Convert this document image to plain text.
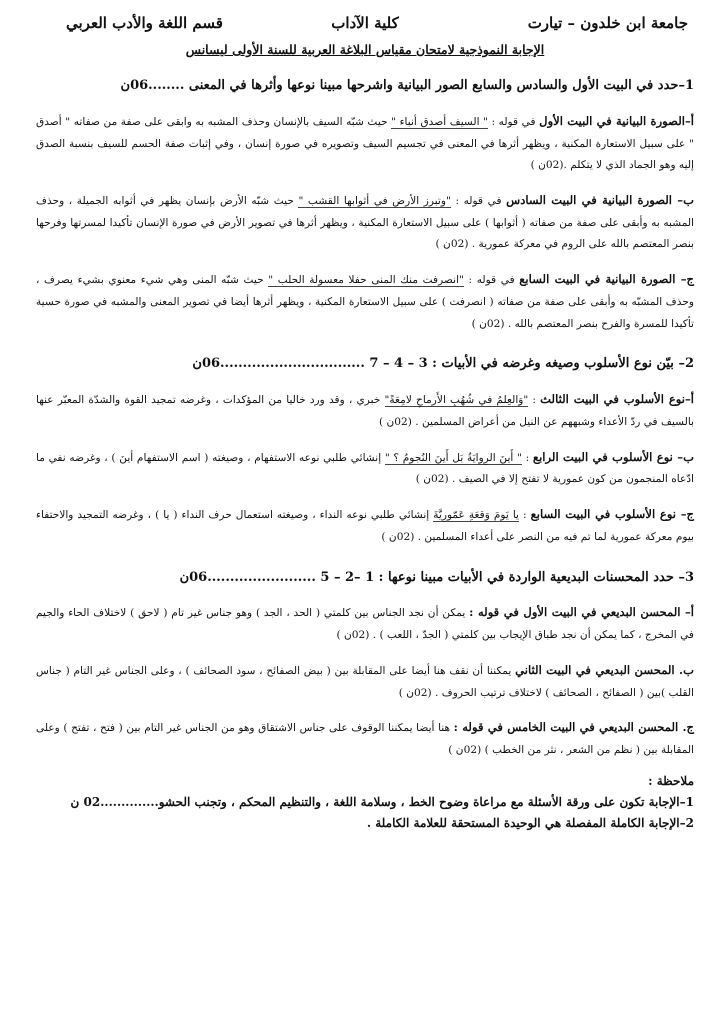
جامعة ابن خلدون – تيارت
كلية الآداب
قسم اللغة والأدب العربي
الإجابة النموذجية لامتحان مقياس البلاغة العربية للسنة الأولى ليسانس

1–حدد في البيت الأول والسادس والسابع الصور البيانية واشرحها مبينا نوعها وأثرها في المعنى ........06ن

أ–الصورة البيانية في البيت الأول في قوله : " السيف أصدق أنباء " حيث شبّه السيف بالإنسان وحذف المشبه به وابقى على صفة من صفاته " أصدق " على سبيل الاستعارة المكنية ، ويظهر أثرها في المعنى في تجسيم السيف وتصويره في صورة إنسان ، وفي إثبات صفة الحسم للسيف بنسبة الصدق إليه وهو الجماد الذي لا يتكلم .(02ن )

ب– الصورة البيانية في البيت السادس في قوله : "وتبرز الأرض في أثوابها القشب " حيث شبّه الأرض بإنسان يظهر في أثوابه الجميلة ، وحذف المشبه به وأبقى على صفة من صفاته ( أثوابها ) على سبيل الاستعارة المكنية ، ويظهر أثرها في تصوير الأرض في صورة الإنسان تأكيدا لمسرتها وفرحها بنصر المعتصم بالله على الروم في معركة عمورية . (02ن )

ج– الصورة البيانية في البيت السابع في قوله : "انصرفت منك المنى حفلا معسولة الحلب " حيث شبّه المنى وهي شيء معنوي بشيء يصرف ، وحذف المشبّه به وأبقى على صفة من صفاته ( انصرفت ) على سبيل الاستعارة المكنية ، ويظهر أثرها أيضا في تصوير المعنى والمشبه في صورة حسية تأكيدا للمسرة والفرح بنصر المعتصم بالله . (02ن )

2– بيّن نوع الأسلوب وصيغه وغرضه في الأبيات : 3 – 4 – 7 ................................06ن

أ–نوع الأسلوب في البيت الثالث : "وَالعِلمُ في شُهُبِ الأَرماحِ لامِعَةً" خبري ، وقد ورد خاليا من المؤكدات ، وغرضه تمجيد القوة والشدّة المعبّر عنها بالسيف في ردّ الأعداء وشبههم عن النيل من أعراض المسلمين . (02ن )

ب– نوع الأسلوب في البيت الرابع : " أَينَ الرِوايَةُ بَل أَينَ النُجومُ ؟ " إنشائي طلبي نوعه الاستفهام ، وصيغته ( اسم الاستفهام أينَ ) ، وغرضه نفي ما ادّعاه المنجمون من كون عمورية لا تفتح إلا في الصيف . (02ن )

ج– نوع الأسلوب في البيت السابع : يا يَومَ وَقعَةِ عَمّورِيَّةَ إنشائي طلبي نوعه النداء ، وصيغته استعمال حرف النداء ( يا ) ، وغرضه التمجيد والاحتفاء بيوم معركة عمورية لما تم فيه من النصر على أعداء المسلمين . (02ن )

3– حدد المحسنات البديعية الواردة في الأبيات مبينا نوعها : 1 –2 – 5 ........................06ن

أ– المحسن البديعي في البيت الأول في قوله : يمكن أن نجد الجناس بين كلمتي ( الحد ، الجد ) وهو جناس غير تام ( لاحق ) لاختلاف الحاء والجيم في المخرج ، كما يمكن أن نجد طباق الإيجاب بين كلمتي ( الجدّ ، اللعب ) . (02ن )

ب. المحسن البديعي في البيت الثاني يمكننا أن نقف هنا أيضا على المقابلة بين ( بيض الصفائح ، سود الصحائف ) ، وعلى الجناس غير التام ( جناس القلب )بين ( الصفائح ، الصحائف ) لاختلاف ترتيب الحروف . (02ن )

ج. المحسن البديعي في البيت الخامس في قوله : هنا أيضا يمكننا الوقوف على جناس الاشتقاق وهو من الجناس غير التام بين ( فتح ، تفتح ) وعلى المقابلة بين ( نظم من الشعر ، نثر من الخطب ) (02ن )

ملاحظة :

1–الإجابة تكون على ورقة الأسئلة مع مراعاة وضوح الخط ، وسلامة اللغة ، والتنظيم المحكم ، وتجنب الحشو..............02 ن

2–الإجابة الكاملة المفصلة هي الوحيدة المستحقة للعلامة الكاملة .
